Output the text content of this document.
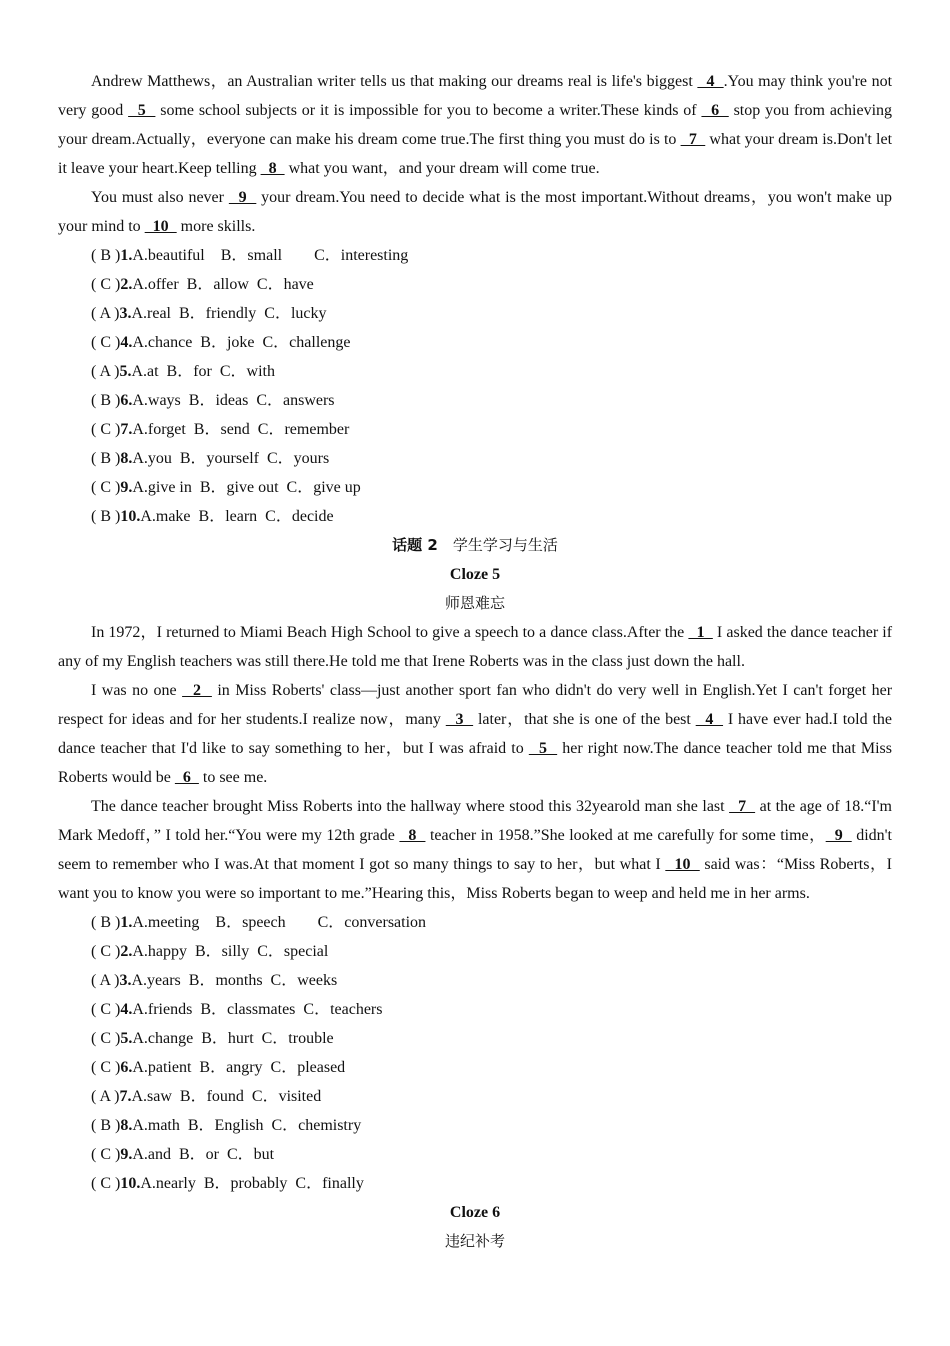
Andrew Matthews，an Australian writer tells us that making our dreams real is life's biggest   4  .You may think you're not very good   5   some school subjects or it is impossible for you to become a writer.These kinds of   6   stop you from achieving your dream.Actually，everyone can make his dream come true.The first thing you must do is to   7   what your dream is.Don't let it leave your heart.Keep telling   8   what you want，and your dream will come true.

You must also never   9   your dream.You need to decide what is the most important.Without dreams，you won't make up your mind to   10   more skills.

( B )1.A.beautiful　B．small　　C．interesting
( C )2.A.offer  B．allow  C．have
( A )3.A.real  B．friendly  C．lucky
( C )4.A.chance  B．joke  C．challenge
( A )5.A.at  B．for  C．with
( B )6.A.ways  B．ideas  C．answers
( C )7.A.forget  B．send  C．remember
( B )8.A.you  B．yourself  C．yours
( C )9.A.give in  B．give out  C．give up
( B )10.A.make  B．learn  C．decide

话题 2　学生学习与生活

Cloze 5

师恩难忘

In 1972，I returned to Miami Beach High School to give a speech to a dance class.After the   1   I asked the dance teacher if any of my English teachers was still there.He told me that Irene Roberts was in the class just down the hall.

I was no one   2   in Miss Roberts' class—just another sport fan who didn't do very well in English.Yet I can't forget her respect for ideas and for her students.I realize now，many   3   later，that she is one of the best   4   I have ever had.I told the dance teacher that I'd like to say something to her，but I was afraid to   5   her right now.The dance teacher told me that Miss Roberts would be   6   to see me.

The dance teacher brought Miss Roberts into the hallway where stood this 32yearold man she last   7   at the age of 18.“I'm Mark Medoff，” I told her.“You were my 12th grade   8   teacher in 1958.”She looked at me carefully for some time，  9   didn't seem to remember who I was.At that moment I got so many things to say to her，but what I   10   said was：“Miss Roberts，I want you to know you were so important to me.”Hearing this，Miss Roberts began to weep and held me in her arms.

( B )1.A.meeting　B．speech　　C．conversation
( C )2.A.happy  B．silly  C．special
( A )3.A.years  B．months  C．weeks
( C )4.A.friends  B．classmates  C．teachers
( C )5.A.change  B．hurt  C．trouble
( C )6.A.patient  B．angry  C．pleased
( A )7.A.saw  B．found  C．visited
( B )8.A.math  B．English  C．chemistry
( C )9.A.and  B．or  C．but
( C )10.A.nearly  B．probably  C．finally

Cloze 6

违纪补考
